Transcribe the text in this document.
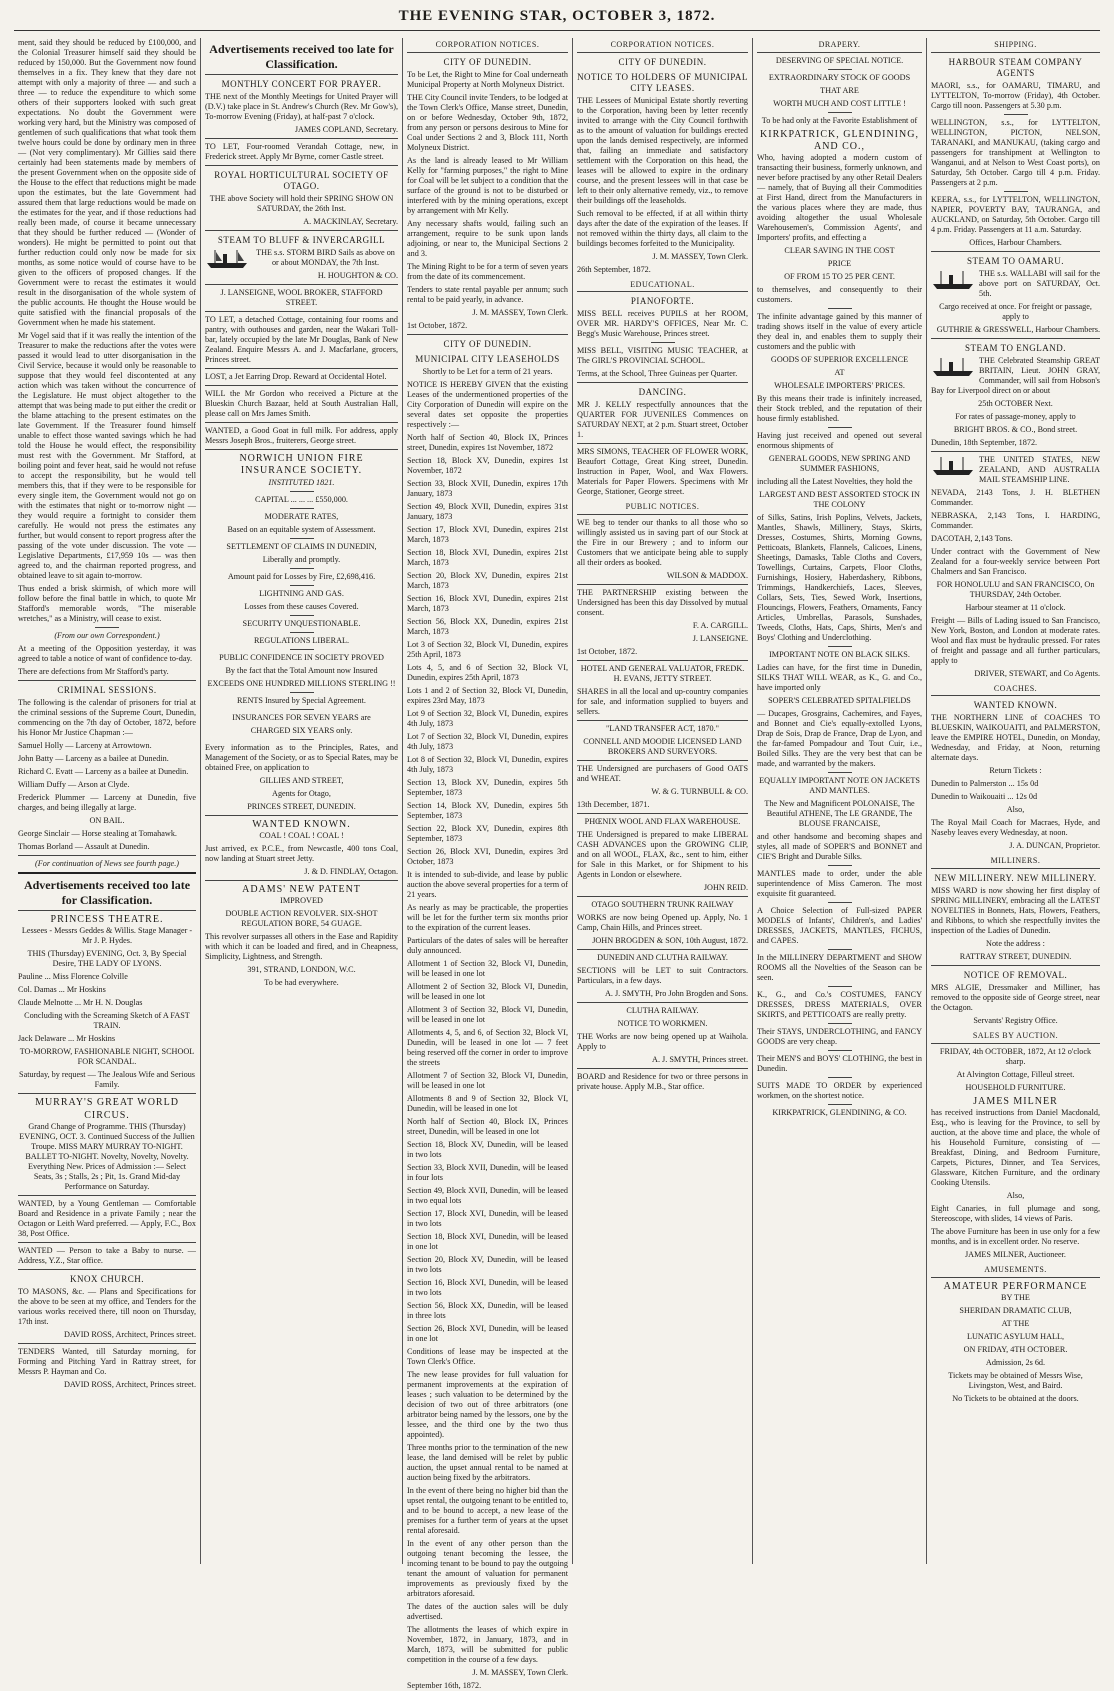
THE EVENING STAR, OCTOBER 3, 1872.

ment, said they should be reduced by £100,000, and the Colonial Treasurer himself said they should be reduced by 150,000. But the Government now found themselves in a fix. They knew that they dare not attempt with only a majority of three — and such a three — to reduce the expenditure to which some others of their supporters looked with such great expectations. No doubt the Government were working very hard, but the Ministry was composed of gentlemen of such qualifications that what took them twelve hours could be done by ordinary men in three — (Not very complimentary). Mr Gillies said there certainly had been statements made by members of the present Government when on the opposite side of the House to the effect that reductions might be made upon the estimates, but the late Government had assured them that large reductions would be made on the estimates for the year, and if those reductions had really been made, of course it became unnecessary that they should be further reduced — (Wonder of wonders). He might be permitted to point out that further reduction could only now be made for six months, as some notice would of course have to be given to the officers of proposed changes. If the Government were to recast the estimates it would result in the disorganisation of the whole system of the public accounts. He thought the House would be quite satisfied with the financial proposals of the Government when he made his statement.

Mr Vogel said that if it was really the intention of the Treasurer to make the reductions after the votes were passed it would lead to utter disorganisation in the Civil Service, because it would only be reasonable to suppose that they would feel discontented at any action which was taken without the concurrence of the Legislature. He must object altogether to the attempt that was being made to put either the credit or the blame attaching to the present estimates on the late Government. If the Treasurer found himself unable to effect those wanted savings which he had told the House he would effect, the responsibility must rest with the Government. Mr Stafford, at boiling point and fever heat, said he would not refuse to accept the responsibility, but he would tell members this, that if they were to be responsible for every single item, the Government would not go on with the estimates that night or to-morrow night — they would require a fortnight to consider them carefully. He would not press the estimates any further, but would consent to report progress after the passing of the vote under discussion. The vote — Legislative Departments, £17,959 10s — was then agreed to, and the chairman reported progress, and obtained leave to sit again to-morrow.

Thus ended a brisk skirmish, of which more will follow before the final battle in which, to quote Mr Stafford's memorable words, "The miserable wretches," as a Ministry, will cease to exist.

(From our own Correspondent.)

At a meeting of the Opposition yesterday, it was agreed to table a notice of want of confidence to-day.

There are defections from Mr Stafford's party.

CRIMINAL SESSIONS.

The following is the calendar of prisoners for trial at the criminal sessions of the Supreme Court, Dunedin, commencing on the 7th day of October, 1872, before his Honor Mr Justice Chapman :—

Samuel Holly — Larceny at Arrowtown.

John Batty — Larceny as a bailee at Dunedin.

Richard C. Evatt — Larceny as a bailee at Dunedin.

William Duffy — Arson at Clyde.

Frederick Plummer — Larceny at Dunedin, five charges, and being illegally at large.

ON BAIL.

George Sinclair — Horse stealing at Tomahawk.

Thomas Borland — Assault at Dunedin.

(For continuation of News see fourth page.)

Advertisements received too late for Classification.
PRINCESS THEATRE.

Lessees - Messrs Geddes & Willis. Stage Manager - Mr J. P. Hydes.

THIS (Thursday) EVENING, Oct. 3, By Special Desire, THE LADY OF LYONS.

Pauline ... Miss Florence Colville

Col. Damas ... Mr Hoskins

Claude Melnotte ... Mr H. N. Douglas

Concluding with the Screaming Sketch of A FAST TRAIN.

Jack Delaware ... Mr Hoskins

TO-MORROW, FASHIONABLE NIGHT, SCHOOL FOR SCANDAL.

Saturday, by request — The Jealous Wife and Serious Family.

MURRAY'S GREAT WORLD CIRCUS.

Grand Change of Programme. THIS (Thursday) EVENING, OCT. 3. Continued Success of the Jullien Troupe. MISS MARY MURRAY TO-NIGHT. BALLET TO-NIGHT. Novelty, Novelty, Novelty. Everything New. Prices of Admission :— Select Seats, 3s ; Stalls, 2s ; Pit, 1s. Grand Mid-day Performance on Saturday.

WANTED, by a Young Gentleman — Comfortable Board and Residence in a private Family ; near the Octagon or Leith Ward preferred. — Apply, F.C., Box 38, Post Office.

WANTED — Person to take a Baby to nurse. — Address, Y.Z., Star office.

KNOX CHURCH.

TO MASONS, &c. — Plans and Specifications for the above to be seen at my office, and Tenders for the various works received there, till noon on Thursday, 17th inst.

DAVID ROSS, Architect, Princes street.

TENDERS Wanted, till Saturday morning, for Forming and Pitching Yard in Rattray street, for Messrs P. Hayman and Co.

DAVID ROSS, Architect, Princes street.

Advertisements received too late for Classification.
MONTHLY CONCERT FOR PRAYER.

THE next of the Monthly Meetings for United Prayer will (D.V.) take place in St. Andrew's Church (Rev. Mr Gow's), To-morrow Evening (Friday), at half-past 7 o'clock.

JAMES COPLAND, Secretary.

TO LET, Four-roomed Verandah Cottage, new, in Frederick street. Apply Mr Byrne, corner Castle street.

ROYAL HORTICULTURAL SOCIETY OF OTAGO.

THE above Society will hold their SPRING SHOW ON SATURDAY, the 26th Inst.

A. MACKINLAY, Secretary.

STEAM TO BLUFF & INVERCARGILL

THE s.s. STORM BIRD Sails as above on or about MONDAY, the 7th Inst.

H. HOUGHTON & CO.

J. LANSEIGNE, WOOL BROKER, STAFFORD STREET.

TO LET, a detached Cottage, containing four rooms and pantry, with outhouses and garden, near the Wakari Toll-bar, lately occupied by the late Mr Douglas, Bank of New Zealand. Enquire Messrs A. and J. Macfarlane, grocers, Princes street.

LOST, a Jet Earring Drop. Reward at Occidental Hotel.

WILL the Mr Gordon who received a Picture at the Blueskin Church Bazaar, held at South Australian Hall, please call on Mrs James Smith.

WANTED, a Good Goat in full milk. For address, apply Messrs Joseph Bros., fruiterers, George street.

NORWICH UNION FIRE INSURANCE SOCIETY.

INSTITUTED 1821.

CAPITAL ... ... ... £550,000.

MODERATE RATES,

Based on an equitable system of Assessment.

SETTLEMENT OF CLAIMS IN DUNEDIN,

Liberally and promptly.

Amount paid for Losses by Fire, £2,698,416.

LIGHTNING AND GAS.

Losses from these causes Covered.

SECURITY UNQUESTIONABLE.

REGULATIONS LIBERAL.

PUBLIC CONFIDENCE IN SOCIETY PROVED

By the fact that the Total Amount now Insured

EXCEEDS ONE HUNDRED MILLIONS STERLING !!

RENTS Insured by Special Agreement.

INSURANCES FOR SEVEN YEARS are

CHARGED SIX YEARS only.

Every information as to the Principles, Rates, and Management of the Society, or as to Special Rates, may be obtained Free, on application to

GILLIES AND STREET,

Agents for Otago,

PRINCES STREET, DUNEDIN.

WANTED KNOWN.

COAL ! COAL ! COAL !

Just arrived, ex P.C.E., from Newcastle, 400 tons Coal, now landing at Stuart street Jetty.

J. & D. FINDLAY, Octagon.

ADAMS' NEW PATENT

IMPROVED

DOUBLE ACTION REVOLVER. SIX-SHOT REGULATION BORE, 54 GUAGE.

This revolver surpasses all others in the Ease and Rapidity with which it can be loaded and fired, and in Cheapness, Simplicity, Lightness, and Strength.

391, STRAND, LONDON, W.C.

To be had everywhere.

CORPORATION NOTICES.
CITY OF DUNEDIN.

To be Let, the Right to Mine for Coal underneath Municipal Property at North Molyneux District.

THE City Council invite Tenders, to be lodged at the Town Clerk's Office, Manse street, Dunedin, on or before Wednesday, October 9th, 1872, from any person or persons desirous to Mine for Coal under Sections 2 and 3, Block 111, North Molyneux District.

As the land is already leased to Mr William Kelly for "farming purposes," the right to Mine for Coal will be let subject to a condition that the surface of the ground is not to be disturbed or interfered with by the mining operations, except by arrangement with Mr Kelly.

Any necessary shafts would, failing such an arrangement, require to be sunk upon lands adjoining, or near to, the Municipal Sections 2 and 3.

The Mining Right to be for a term of seven years from the date of its commencement.

Tenders to state rental payable per annum; such rental to be paid yearly, in advance.

J. M. MASSEY, Town Clerk.

1st October, 1872.

CITY OF DUNEDIN.
MUNICIPAL CITY LEASEHOLDS

Shortly to be Let for a term of 21 years.

NOTICE IS HEREBY GIVEN that the existing Leases of the undermentioned properties of the City Corporation of Dunedin will expire on the several dates set opposite the properties respectively :—

North half of Section 40, Block IX, Princes street, Dunedin, expires 1st November, 1872

Section 18, Block XV, Dunedin, expires 1st November, 1872

Section 33, Block XVII, Dunedin, expires 17th January, 1873

Section 49, Block XVII, Dunedin, expires 31st January, 1873

Section 17, Block XVI, Dunedin, expires 21st March, 1873

Section 18, Block XVI, Dunedin, expires 21st March, 1873

Section 20, Block XV, Dunedin, expires 21st March, 1873

Section 16, Block XVI, Dunedin, expires 21st March, 1873

Section 56, Block XX, Dunedin, expires 21st March, 1873

Lot 3 of Section 32, Block VI, Dunedin, expires 25th April, 1873

Lots 4, 5, and 6 of Section 32, Block VI, Dunedin, expires 25th April, 1873

Lots 1 and 2 of Section 32, Block VI, Dunedin, expires 23rd May, 1873

Lot 9 of Section 32, Block VI, Dunedin, expires 4th July, 1873

Lot 7 of Section 32, Block VI, Dunedin, expires 4th July, 1873

Lot 8 of Section 32, Block VI, Dunedin, expires 4th July, 1873

Section 13, Block XV, Dunedin, expires 5th September, 1873

Section 14, Block XV, Dunedin, expires 5th September, 1873

Section 22, Block XV, Dunedin, expires 8th September, 1873

Section 26, Block XVI, Dunedin, expires 3rd October, 1873

It is intended to sub-divide, and lease by public auction the above several properties for a term of 21 years.

As nearly as may be practicable, the properties will be let for the further term six months prior to the expiration of the current leases.

Particulars of the dates of sales will be hereafter duly announced.

Allotment 1 of Section 32, Block VI, Dunedin, will be leased in one lot

Allotment 2 of Section 32, Block VI, Dunedin, will be leased in one lot

Allotment 3 of Section 32, Block VI, Dunedin, will be leased in one lot

Allotments 4, 5, and 6, of Section 32, Block VI, Dunedin, will be leased in one lot — 7 feet being reserved off the corner in order to improve the streets

Allotment 7 of Section 32, Block VI, Dunedin, will be leased in one lot

Allotments 8 and 9 of Section 32, Block VI, Dunedin, will be leased in one lot

North half of Section 40, Block IX, Princes street, Dunedin, will be leased in one lot

Section 18, Block XV, Dunedin, will be leased in two lots

Section 33, Block XVII, Dunedin, will be leased in four lots

Section 49, Block XVII, Dunedin, will be leased in two equal lots

Section 17, Block XVI, Dunedin, will be leased in two lots

Section 18, Block XVI, Dunedin, will be leased in one lot

Section 20, Block XV, Dunedin, will be leased in two lots

Section 16, Block XVI, Dunedin, will be leased in two lots

Section 56, Block XX, Dunedin, will be leased in three lots

Section 26, Block XVI, Dunedin, will be leased in one lot

Conditions of lease may be inspected at the Town Clerk's Office.

The new lease provides for full valuation for permanent improvements at the expiration of leases ; such valuation to be determined by the decision of two out of three arbitrators (one arbitrator being named by the lessors, one by the lessee, and the third one by the two thus appointed).

Three months prior to the termination of the new lease, the land demised will be relet by public auction, the upset annual rental to be named at auction being fixed by the arbitrators.

In the event of there being no higher bid than the upset rental, the outgoing tenant to be entitled to, and to be bound to accept, a new lease of the premises for a further term of years at the upset rental aforesaid.

In the event of any other person than the outgoing tenant becoming the lessee, the incoming tenant to be bound to pay the outgoing tenant the amount of valuation for permanent improvements as previously fixed by the arbitrators aforesaid.

The dates of the auction sales will be duly advertised.

The allotments the leases of which expire in November, 1872, in January, 1873, and in March, 1873, will be submitted for public competition in the course of a few days.

J. M. MASSEY, Town Clerk.

September 16th, 1872.

CORPORATION NOTICES.
CITY OF DUNEDIN.
NOTICE TO HOLDERS OF MUNICIPAL CITY LEASES.

THE Lessees of Municipal Estate shortly reverting to the Corporation, having been by letter recently invited to arrange with the City Council forthwith as to the amount of valuation for buildings erected upon the lands demised respectively, are informed that, failing an immediate and satisfactory settlement with the Corporation on this head, the leases will be allowed to expire in the ordinary course, and the present lessees will in that case be left to their only alternative remedy, viz., to remove their buildings off the leaseholds.

Such removal to be effected, if at all within thirty days after the date of the expiration of the leases. If not removed within the thirty days, all claim to the buildings becomes forfeited to the Municipality.

J. M. MASSEY, Town Clerk.

26th September, 1872.

EDUCATIONAL.
PIANOFORTE.

MISS BELL receives PUPILS at her ROOM, OVER MR. HARDY'S OFFICES, Near Mr. C. Begg's Music Warehouse, Princes street.

MISS BELL, VISITING MUSIC TEACHER, at The GIRL'S PROVINCIAL SCHOOL.

Terms, at the School, Three Guineas per Quarter.

DANCING.

MR J. KELLY respectfully announces that the QUARTER FOR JUVENILES Commences on SATURDAY NEXT, at 2 p.m. Stuart street, October 1.

MRS SIMONS, TEACHER OF FLOWER WORK, Beaufort Cottage, Great King street, Dunedin. Instruction in Paper, Wool, and Wax Flowers. Materials for Paper Flowers. Specimens with Mr George, Stationer, George street.

PUBLIC NOTICES.

WE beg to tender our thanks to all those who so willingly assisted us in saving part of our Stock at the Fire in our Brewery ; and to inform our Customers that we anticipate being able to supply all their orders as booked.

WILSON & MADDOX.

THE PARTNERSHIP existing between the Undersigned has been this day Dissolved by mutual consent.

F. A. CARGILL.

J. LANSEIGNE.

1st October, 1872.

HOTEL AND GENERAL VALUATOR, FREDK. H. EVANS, JETTY STREET.

SHARES in all the local and up-country companies for sale, and information supplied to buyers and sellers.

"LAND TRANSFER ACT, 1870."

CONNELL AND MOODIE LICENSED LAND BROKERS AND SURVEYORS.

THE Undersigned are purchasers of Good OATS and WHEAT.

W. & G. TURNBULL & CO.

13th December, 1871.

PHŒNIX WOOL AND FLAX WAREHOUSE.

THE Undersigned is prepared to make LIBERAL CASH ADVANCES upon the GROWING CLIP, and on all WOOL, FLAX, &c., sent to him, either for Sale in this Market, or for Shipment to his Agents in London or elsewhere.

JOHN REID.

OTAGO SOUTHERN TRUNK RAILWAY

WORKS are now being Opened up. Apply, No. 1 Camp, Chain Hills, and Princes street.

JOHN BROGDEN & SON, 10th August, 1872.

DUNEDIN AND CLUTHA RAILWAY.

SECTIONS will be LET to suit Contractors. Particulars, in a few days.

A. J. SMYTH, Pro John Brogden and Sons.

CLUTHA RAILWAY.

NOTICE TO WORKMEN.

THE Works are now being opened up at Waihola. Apply to

A. J. SMYTH, Princes street.

BOARD and Residence for two or three persons in private house. Apply M.B., Star office.

DRAPERY.

DESERVING OF SPECIAL NOTICE.

EXTRAORDINARY STOCK OF GOODS

THAT ARE

WORTH MUCH AND COST LITTLE !

To be had only at the Favorite Establishment of

KIRKPATRICK, GLENDINING, AND CO.,

Who, having adopted a modern custom of transacting their business, formerly unknown, and never before practised by any other Retail Dealers — namely, that of Buying all their Commodities at First Hand, direct from the Manufacturers in the various places where they are made, thus avoiding altogether the usual Wholesale Warehousemen's, Commission Agents', and Importers' profits, and effecting a

CLEAR SAVING IN THE COST

PRICE

OF FROM 15 TO 25 PER CENT.

to themselves, and consequently to their customers.

The infinite advantage gained by this manner of trading shows itself in the value of every article they deal in, and enables them to supply their customers and the public with

GOODS OF SUPERIOR EXCELLENCE

AT

WHOLESALE IMPORTERS' PRICES.

By this means their trade is infinitely increased, their Stock trebled, and the reputation of their house firmly established.

Having just received and opened out several enormous shipments of

GENERAL GOODS, NEW SPRING AND SUMMER FASHIONS,

including all the Latest Novelties, they hold the

LARGEST AND BEST ASSORTED STOCK IN THE COLONY

of Silks, Satins, Irish Poplins, Velvets, Jackets, Mantles, Shawls, Millinery, Stays, Skirts, Dresses, Costumes, Shirts, Morning Gowns, Petticoats, Blankets, Flannels, Calicoes, Linens, Sheetings, Damasks, Table Cloths and Covers, Towellings, Curtains, Carpets, Floor Cloths, Furnishings, Hosiery, Haberdashery, Ribbons, Trimmings, Handkerchiefs, Laces, Sleeves, Collars, Sets, Ties, Sewed Work, Insertions, Flouncings, Flowers, Feathers, Ornaments, Fancy Articles, Umbrellas, Parasols, Sunshades, Tweeds, Cloths, Hats, Caps, Shirts, Men's and Boys' Clothing and Underclothing.

IMPORTANT NOTE ON BLACK SILKS.

Ladies can have, for the first time in Dunedin, SILKS THAT WILL WEAR, as K., G. and Co., have imported only

SOPER'S CELEBRATED SPITALFIELDS

— Ducapes, Grosgrains, Cachemires, and Fayes, and Bonnet and Cie's equally-extolled Lyons, Drap de Sois, Drap de France, Drap de Lyon, and the far-famed Pompadour and Tout Cuir, i.e., Boiled Silks. They are the very best that can be made, and warranted by the makers.

EQUALLY IMPORTANT NOTE ON JACKETS AND MANTLES.

The New and Magnificent POLONAISE, The Beautiful ATHENE, The LE GRANDE, The BLOUSE FRANCAISE,

and other handsome and becoming shapes and styles, all made of SOPER'S and BONNET and CIE'S Bright and Durable Silks.

MANTLES made to order, under the able superintendence of Miss Cameron. The most exquisite fit guaranteed.

A Choice Selection of Full-sized PAPER MODELS of Infants', Children's, and Ladies' DRESSES, JACKETS, MANTLES, FICHUS, and CAPES.

In the MILLINERY DEPARTMENT and SHOW ROOMS all the Novelties of the Season can be seen.

K., G., and Co.'s COSTUMES, FANCY DRESSES, DRESS MATERIALS, OVER SKIRTS, and PETTICOATS are really pretty.

Their STAYS, UNDERCLOTHING, and FANCY GOODS are very cheap.

Their MEN'S and BOYS' CLOTHING, the best in Dunedin.

SUITS MADE TO ORDER by experienced workmen, on the shortest notice.

KIRKPATRICK, GLENDINING, & CO.

SHIPPING.
HARBOUR STEAM COMPANY AGENTS

MAORI, s.s., for OAMARU, TIMARU, and LYTTELTON, To-morrow (Friday), 4th October. Cargo till noon. Passengers at 5.30 p.m.

WELLINGTON, s.s., for LYTTELTON, WELLINGTON, PICTON, NELSON, TARANAKI, and MANUKAU, (taking cargo and passengers for transhipment at Wellington to Wanganui, and at Nelson to West Coast ports), on Saturday, 5th October. Cargo till 4 p.m. Friday. Passengers at 2 p.m.

KEERA, s.s., for LYTTELTON, WELLINGTON, NAPIER, POVERTY BAY, TAURANGA, and AUCKLAND, on Saturday, 5th October. Cargo till 4 p.m. Friday. Passengers at 11 a.m. Saturday.

Offices, Harbour Chambers.

STEAM TO OAMARU.

THE s.s. WALLABI will sail for the above port on SATURDAY, Oct. 5th.

Cargo received at once. For freight or passage, apply to

GUTHRIE & GRESSWELL, Harbour Chambers.

STEAM TO ENGLAND.

THE Celebrated Steamship GREAT BRITAIN, Lieut. JOHN GRAY, Commander, will sail from Hobson's Bay for Liverpool direct on or about

25th OCTOBER Next.

For rates of passage-money, apply to

BRIGHT BROS. & CO., Bond street.

Dunedin, 18th September, 1872.

THE UNITED STATES, NEW ZEALAND, AND AUSTRALIA MAIL STEAMSHIP LINE.

NEVADA, 2143 Tons, J. H. BLETHEN Commander.

NEBRASKA, 2,143 Tons, I. HARDING, Commander.

DACOTAH, 2,143 Tons.

Under contract with the Government of New Zealand for a four-weekly service between Port Chalmers and San Francisco.

FOR HONOLULU and SAN FRANCISCO, On THURSDAY, 24th October.

Harbour steamer at 11 o'clock.

Freight — Bills of Lading issued to San Francisco, New York, Boston, and London at moderate rates. Wool and flax must be hydraulic pressed. For rates of freight and passage and all further particulars, apply to

DRIVER, STEWART, and Co Agents.

COACHES.
WANTED KNOWN.

THE NORTHERN LINE of COACHES TO BLUESKIN, WAIKOUAITI, and PALMERSTON, leave the EMPIRE HOTEL, Dunedin, on Monday, Wednesday, and Friday, at Noon, returning alternate days.

Return Tickets :

Dunedin to Palmerston ... 15s 0d

Dunedin to Waikouaiti ... 12s 0d

Also,

The Royal Mail Coach for Macraes, Hyde, and Naseby leaves every Wednesday, at noon.

J. A. DUNCAN, Proprietor.

MILLINERS.
NEW MILLINERY. NEW MILLINERY.

MISS WARD is now showing her first display of SPRING MILLINERY, embracing all the LATEST NOVELTIES in Bonnets, Hats, Flowers, Feathers, and Ribbons, to which she respectfully invites the inspection of the Ladies of Dunedin.

Note the address :

RATTRAY STREET, DUNEDIN.

NOTICE OF REMOVAL.

MRS ALGIE, Dressmaker and Milliner, has removed to the opposite side of George street, near the Octagon.

Servants' Registry Office.

SALES BY AUCTION.

FRIDAY, 4th OCTOBER, 1872, At 12 o'clock sharp.

At Alvington Cottage, Filleul street.

HOUSEHOLD FURNITURE.

JAMES MILNER

has received instructions from Daniel Macdonald, Esq., who is leaving for the Province, to sell by auction, at the above time and place, the whole of his Household Furniture, consisting of — Breakfast, Dining, and Bedroom Furniture, Carpets, Pictures, Dinner, and Tea Services, Glassware, Kitchen Furniture, and the ordinary Cooking Utensils.

Also,

Eight Canaries, in full plumage and song, Stereoscope, with slides, 14 views of Paris.

The above Furniture has been in use only for a few months, and is in excellent order. No reserve.

JAMES MILNER, Auctioneer.

AMUSEMENTS.
AMATEUR PERFORMANCE

BY THE

SHERIDAN DRAMATIC CLUB,

AT THE

LUNATIC ASYLUM HALL,

ON FRIDAY, 4TH OCTOBER.

Admission, 2s 6d.

Tickets may be obtained of Messrs Wise, Livingston, West, and Baird.

No Tickets to be obtained at the doors.
